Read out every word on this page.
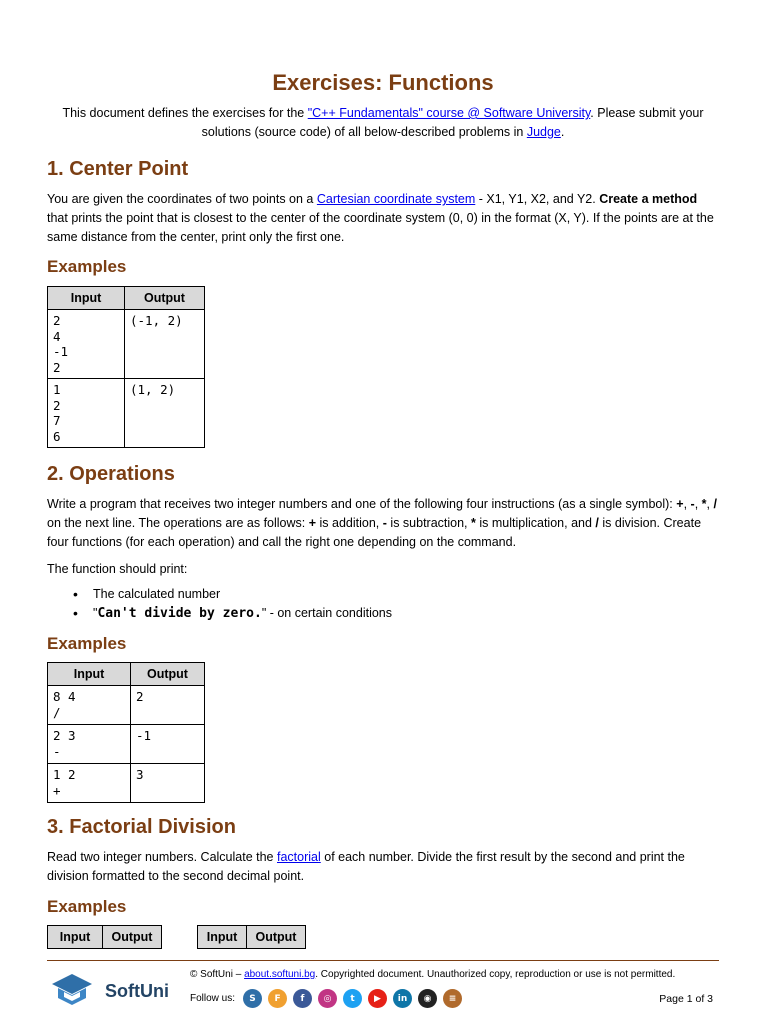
Exercises: Functions
This document defines the exercises for the "C++ Fundamentals" course @ Software University. Please submit your solutions (source code) of all below-described problems in Judge.
1. Center Point
You are given the coordinates of two points on a Cartesian coordinate system - X1, Y1, X2, and Y2. Create a method that prints the point that is closest to the center of the coordinate system (0, 0) in the format (X, Y). If the points are at the same distance from the center, print only the first one.
Examples
Input	Output
2
4
-1
2	(-1, 2)
1
2
7
6	(1, 2)
2. Operations
Write a program that receives two integer numbers and one of the following four instructions (as a single symbol): +, -, *, / on the next line. The operations are as follows: + is addition, - is subtraction, * is multiplication, and / is division. Create four functions (for each operation) and call the right one depending on the command.
The function should print:
• The calculated number
• "Can't divide by zero." - on certain conditions
Examples
Input	Output
8 4
/	2
2 3
-	-1
1 2
+	3
3. Factorial Division
Read two integer numbers. Calculate the factorial of each number. Divide the first result by the second and print the division formatted to the second decimal point.
Examples
Input	Output	Input	Output
SoftUni
© SoftUni – about.softuni.bg. Copyrighted document. Unauthorized copy, reproduction or use is not permitted.
Follow us:	S	F	f	◎	t	▶	in	◉	≡	Page 1 of 3
